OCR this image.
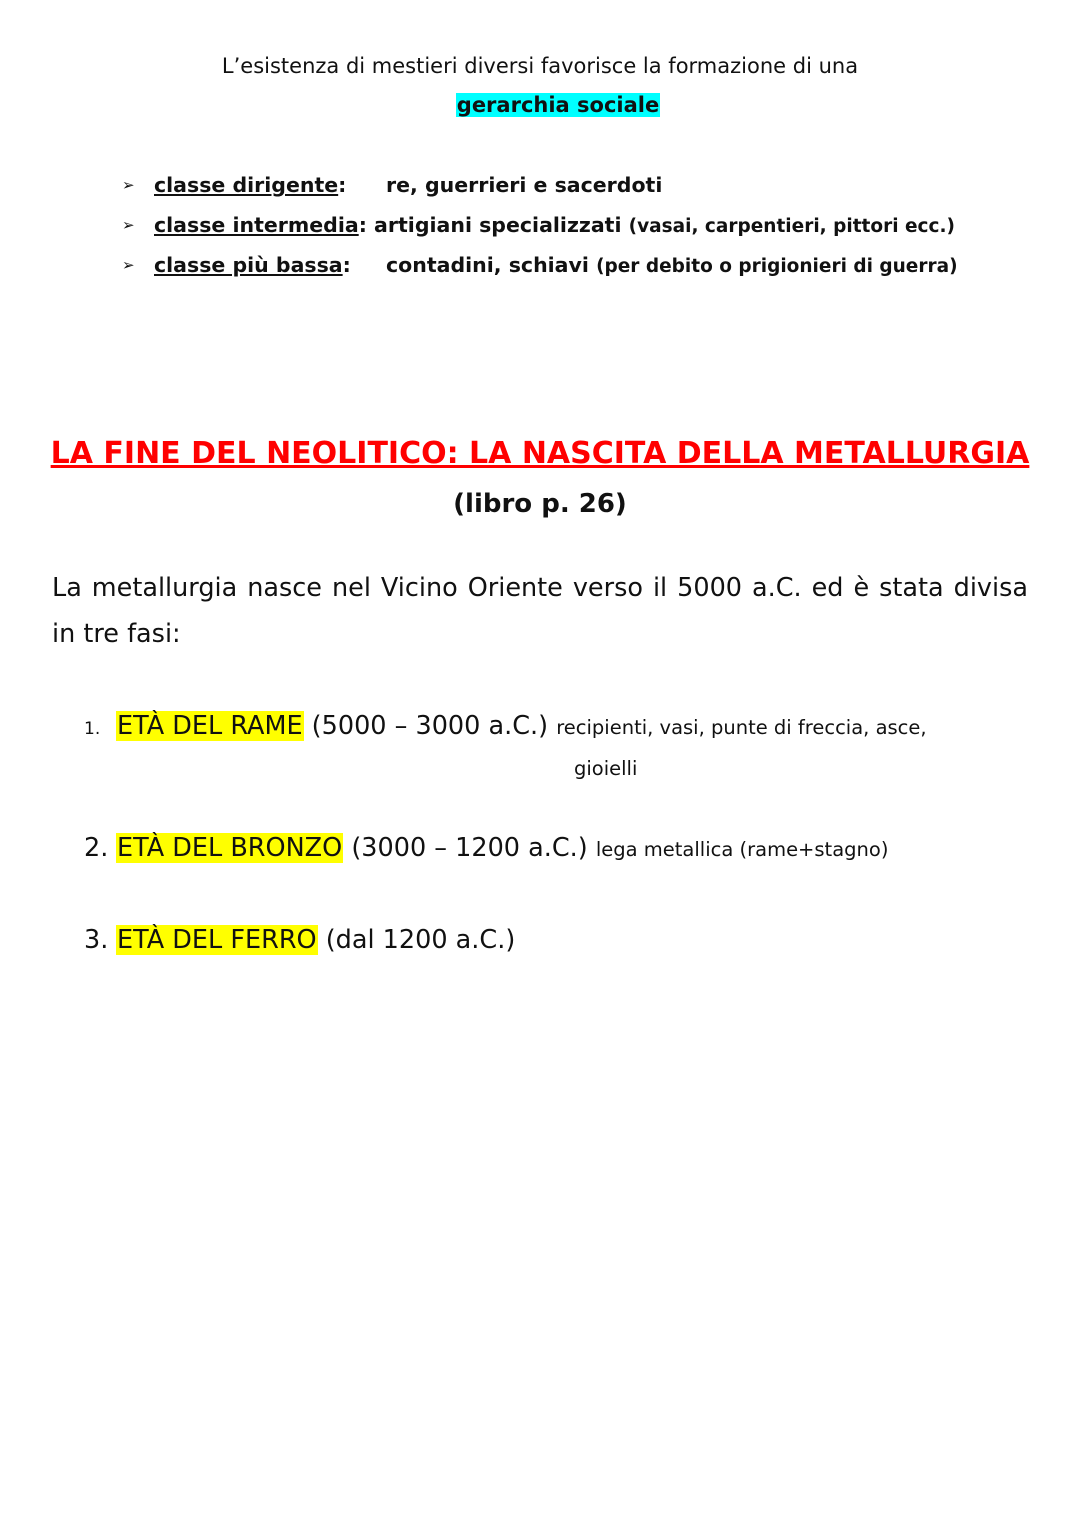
L’esistenza di mestieri diversi favorisce la formazione di una
gerarchia sociale
➢ classe dirigente: re, guerrieri e sacerdoti
➢ classe intermedia: artigiani specializzati (vasai, carpentieri, pittori ecc.)
➢ classe più bassa: contadini, schiavi (per debito o prigionieri di guerra)
LA FINE DEL NEOLITICO: LA NASCITA DELLA METALLURGIA
(libro p. 26)
La metallurgia nasce nel Vicino Oriente verso il 5000 a.C. ed è stata divisa in tre fasi:
1. ETÀ DEL RAME (5000 – 3000 a.C.) recipienti, vasi, punte di freccia, asce,
gioielli
2. ETÀ DEL BRONZO (3000 – 1200 a.C.) lega metallica (rame+stagno)
3. ETÀ DEL FERRO (dal 1200 a.C.)
